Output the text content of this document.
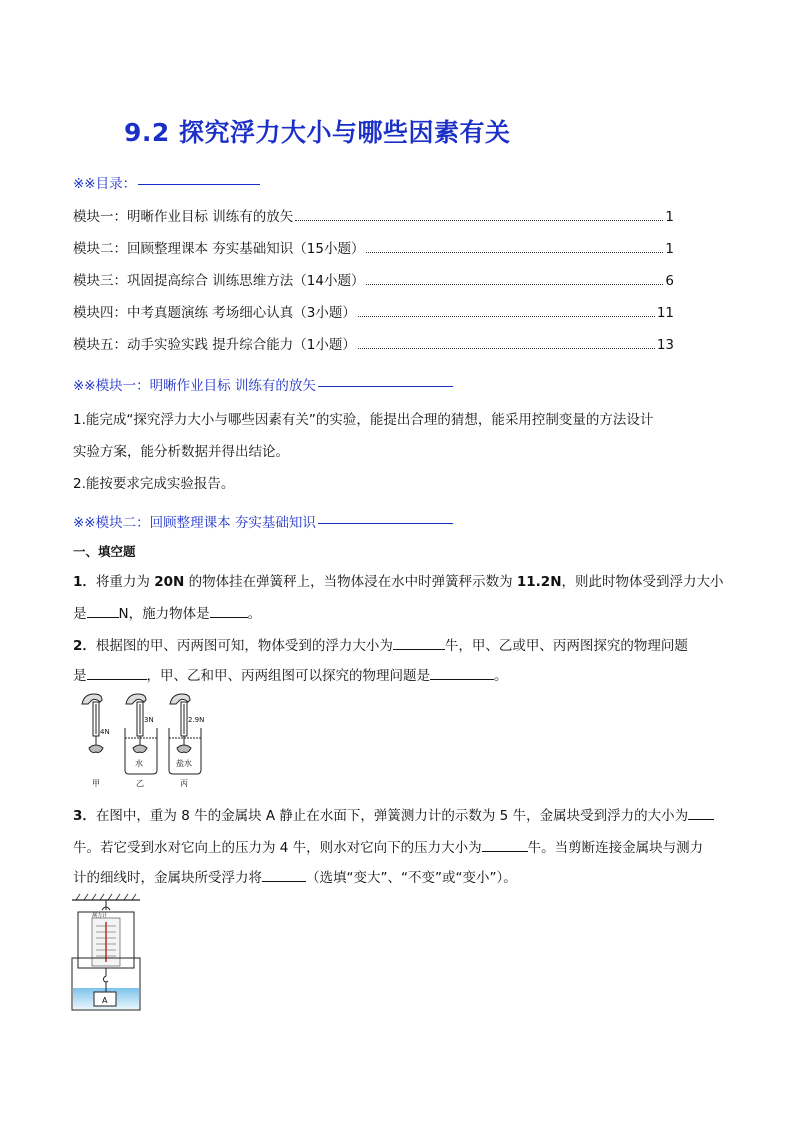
9.2 探究浮力大小与哪些因素有关
※※目录：
模块一：明晰作业目标 训练有的放矢	1
模块二：回顾整理课本 夯实基础知识（15小题）	1
模块三：巩固提高综合 训练思维方法（14小题）	6
模块四：中考真题演练 考场细心认真（3小题）	11
模块五：动手实验实践 提升综合能力（1小题）	13
※※模块一：明晰作业目标 训练有的放矢
1.能完成“探究浮力大小与哪些因素有关”的实验，能提出合理的猜想，能采用控制变量的方法设计
实验方案，能分析数据并得出结论。
2.能按要求完成实验报告。
※※模块二：回顾整理课本 夯实基础知识
一、填空题
1．将重力为 20N 的物体挂在弹簧秤上，当物体浸在水中时弹簧秤示数为 11.2N，则此时物体受到浮力大小
是 N，施力物体是	。
2．根据图的甲、丙两图可知，物体受到的浮力大小为	牛，甲、乙或甲、丙两图探究的物理问题
是	，甲、乙和甲、丙两组图可以探究的物理问题是	。
4N
3N	2.9N
水	盐水
甲	乙	丙
3．在图中，重为 8 牛的金属块 A 静止在水面下，弹簧测力计的示数为 5 牛，金属块受到浮力的大小为
牛。若它受到水对它向上的压力为 4 牛，则水对它向下的压力大小为	牛。当剪断连接金属块与测力
计的细线时，金属块所受浮力将	（选填“变大”、“不变”或“变小”）。
测力计
A
